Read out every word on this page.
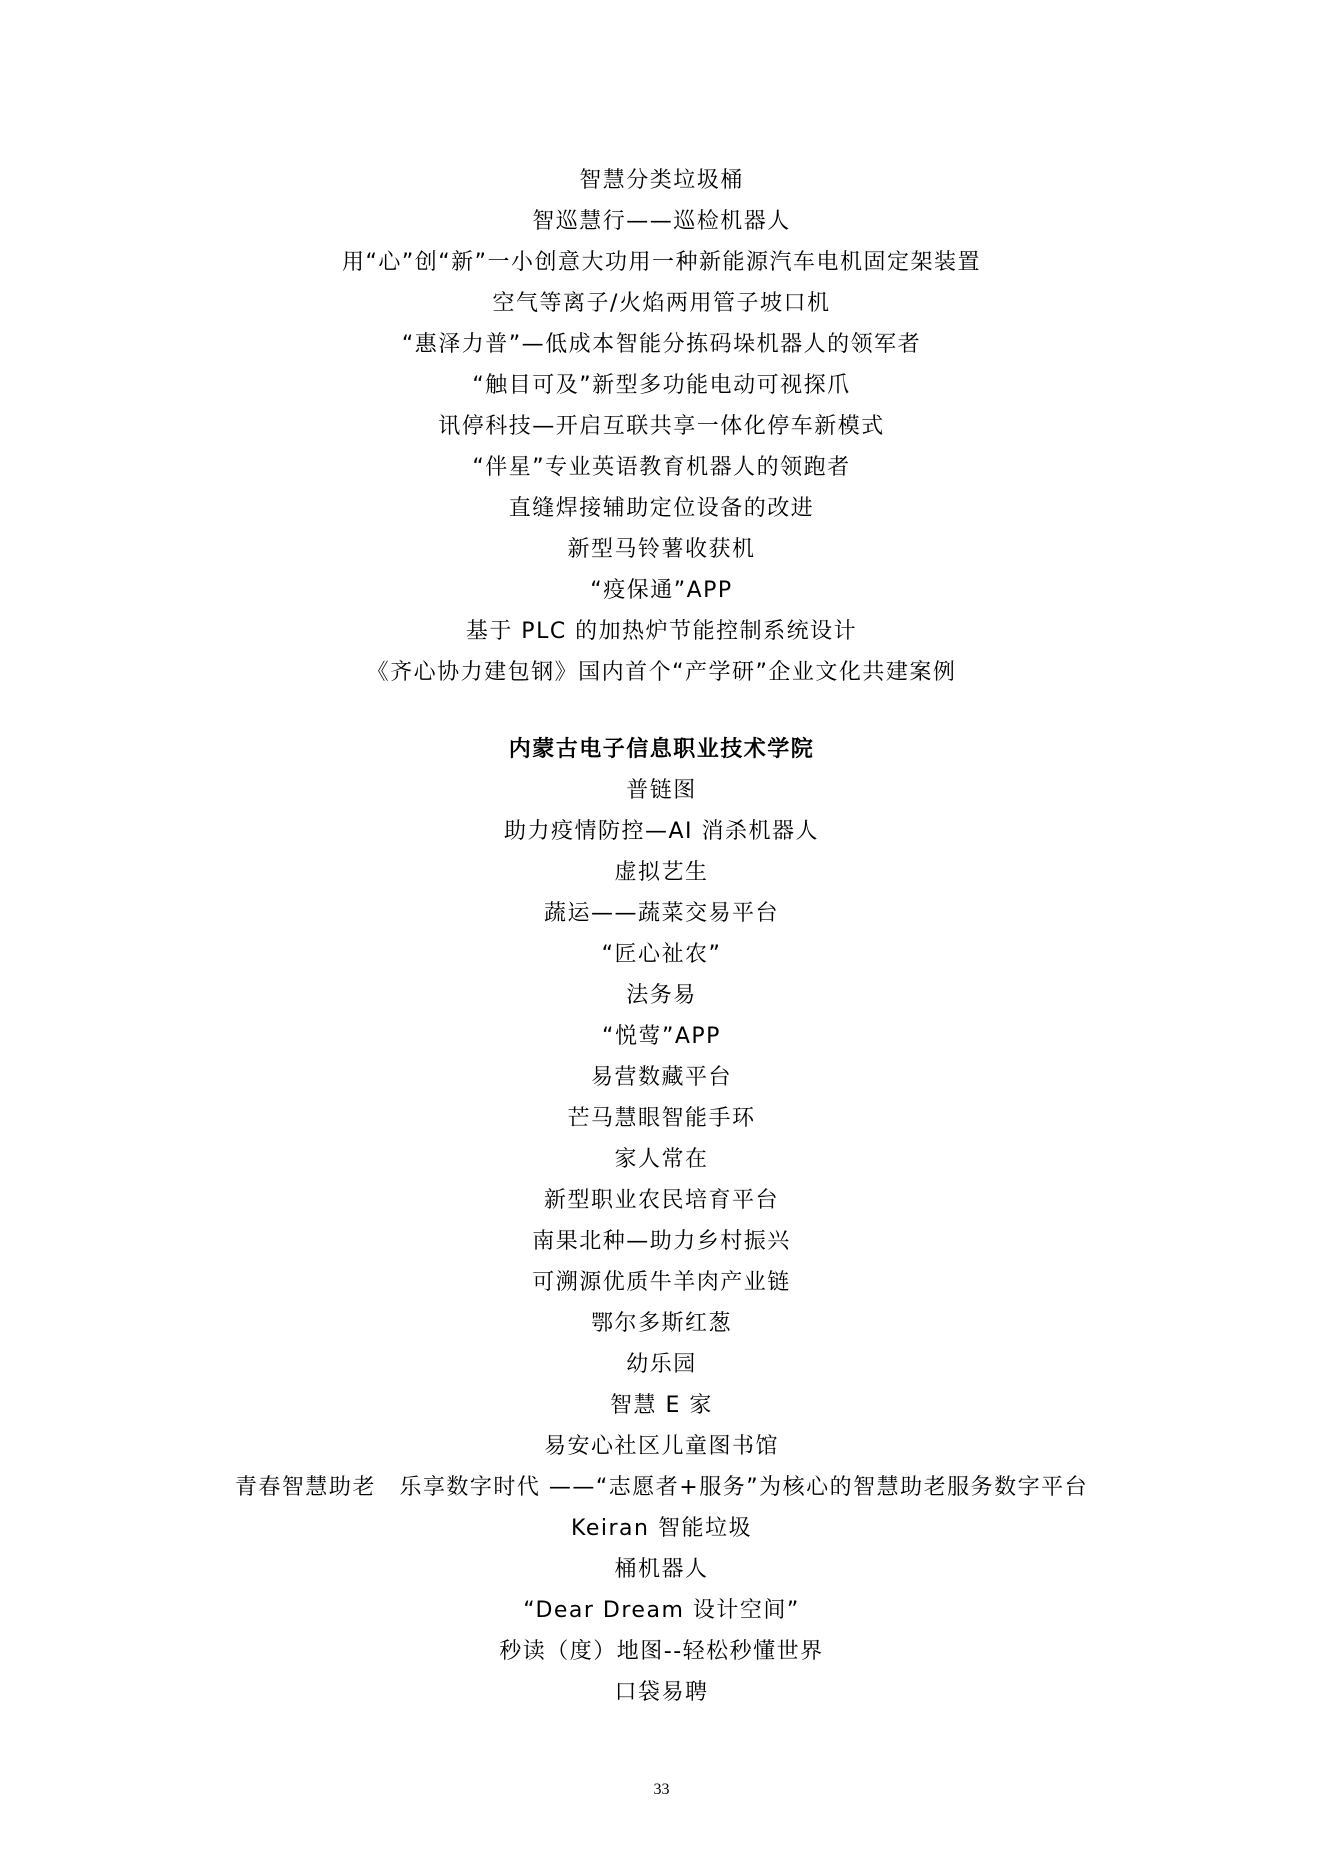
智慧分类垃圾桶
智巡慧行——巡检机器人
用“心”创“新”一小创意大功用一种新能源汽车电机固定架装置
空气等离子/火焰两用管子坡口机
“惠泽力普”—低成本智能分拣码垛机器人的领军者
“触目可及”新型多功能电动可视探爪
讯停科技—开启互联共享一体化停车新模式
“伴星”专业英语教育机器人的领跑者
直缝焊接辅助定位设备的改进
新型马铃薯收获机
“疫保通”APP
基于 PLC 的加热炉节能控制系统设计
《齐心协力建包钢》国内首个“产学研”企业文化共建案例
内蒙古电子信息职业技术学院
普链图
助力疫情防控—AI 消杀机器人
虚拟艺生
蔬运——蔬菜交易平台
“匠心祉农”
法务易
“悦莺”APP
易营数藏平台
芒马慧眼智能手环
家人常在
新型职业农民培育平台
南果北种—助力乡村振兴
可溯源优质牛羊肉产业链
鄂尔多斯红葱
幼乐园
智慧 E 家
易安心社区儿童图书馆
青春智慧助老　乐享数字时代 ——“志愿者+服务”为核心的智慧助老服务数字平台
Keiran 智能垃圾
桶机器人
“Dear Dream 设计空间”
秒读（度）地图--轻松秒懂世界
口袋易聘
33
